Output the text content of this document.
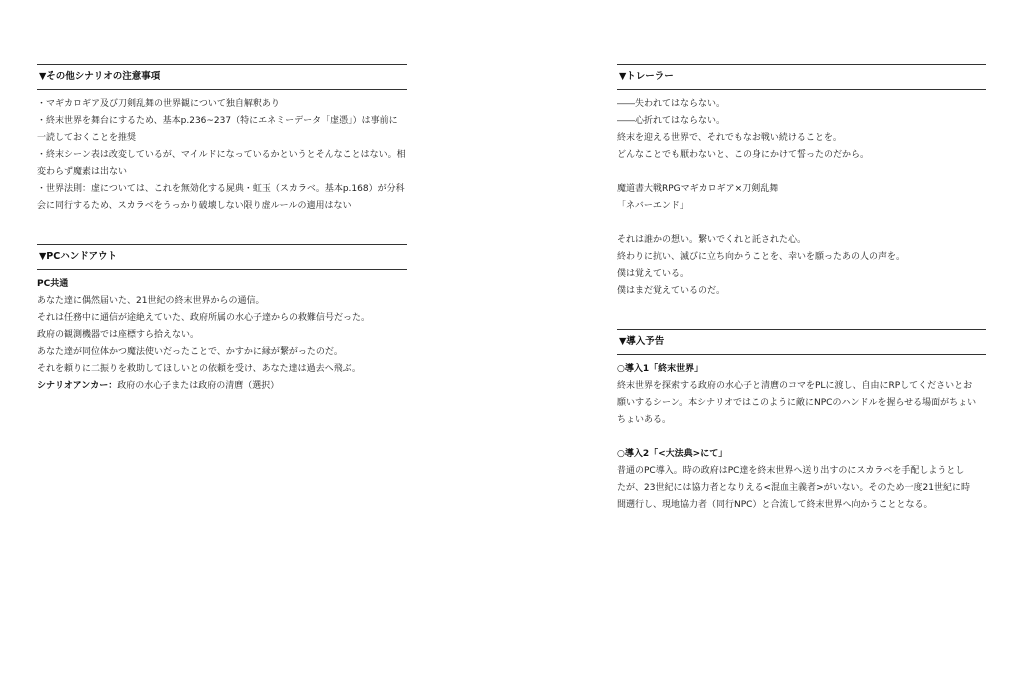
▼その他シナリオの注意事項
・マギカロギア及び刀剣乱舞の世界観について独自解釈あり
・終末世界を舞台にするため、基本p.236~237（特にエネミーデータ「虚憑」）は事前に
一読しておくことを推奨
・終末シーン表は改変しているが、マイルドになっているかというとそんなことはない。相
変わらず魔素は出ない
・世界法則：虚については、これを無効化する屍典・虹玉（スカラベ。基本p.168）が分科
会に同行するため、スカラベをうっかり破壊しない限り虚ルールの適用はない
▼PCハンドアウト
PC共通
あなた達に偶然届いた、21世紀の終末世界からの通信。
それは任務中に通信が途絶えていた、政府所属の水心子達からの救難信号だった。
政府の観測機器では座標すら拾えない。
あなた達が同位体かつ魔法使いだったことで、かすかに縁が繋がったのだ。
それを頼りに二振りを救助してほしいとの依頼を受け、あなた達は過去へ飛ぶ。
シナリオアンカー：政府の水心子または政府の清麿（選択）
▼トレーラー
――失われてはならない。
――心折れてはならない。
終末を迎える世界で、それでもなお戦い続けることを。
どんなことでも厭わないと、この身にかけて誓ったのだから。
魔道書大戦RPGマギカロギア×刀剣乱舞
「ネバーエンド」
それは誰かの想い。繋いでくれと託された心。
終わりに抗い、滅びに立ち向かうことを、幸いを願ったあの人の声を。
僕は覚えている。
僕はまだ覚えているのだ。
▼導入予告
○導入1「終末世界」
終末世界を探索する政府の水心子と清麿のコマをPLに渡し、自由にRPしてくださいとお
願いするシーン。本シナリオではこのように敵にNPCのハンドルを握らせる場面がちょい
ちょいある。
○導入2「<大法典>にて」
普通のPC導入。時の政府はPC達を終末世界へ送り出すのにスカラベを手配しようとし
たが、23世紀には協力者となりえる<混血主義者>がいない。そのため一度21世紀に時
間遡行し、現地協力者（同行NPC）と合流して終末世界へ向かうこととなる。
